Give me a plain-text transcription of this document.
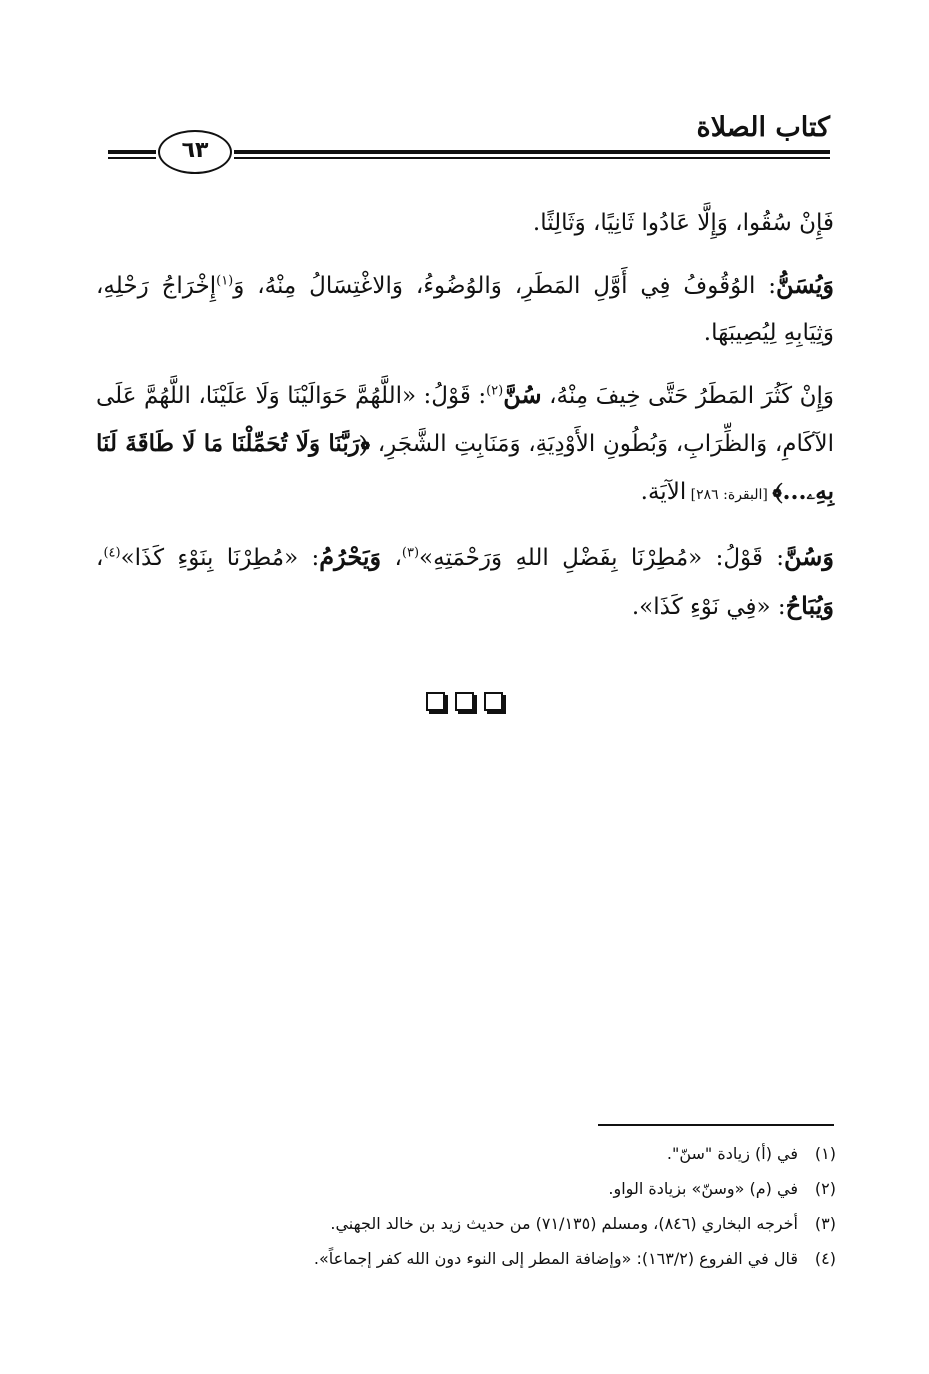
كتاب الصلاة
٦٣

فَإِنْ سُقُوا، وَإِلَّا عَادُوا ثَانِيًا، وَثَالِثًا.

وَيُسَنُّ: الوُقُوفُ فِي أَوَّلِ المَطَرِ، وَالوُضُوءُ، وَالاغْتِسَالُ مِنْهُ، وَ$^{(١)}$إِخْرَاجُ رَحْلِهِ، وَثِيَابِهِ لِيُصِيبَهَا.

وَإِنْ كَثُرَ المَطَرُ حَتَّى خِيفَ مِنْهُ، سُنَّ$^{(٢)}$: قَوْلُ: «اللَّهُمَّ حَوَالَيْنَا وَلَا عَلَيْنَا، اللَّهُمَّ عَلَى الآكَامِ، وَالظِّرَابِ، وَبُطُونِ الأَوْدِيَةِ، وَمَنَابِتِ الشَّجَرِ، ﴿رَبَّنَا وَلَا تُحَمِّلْنَا مَا لَا طَاقَةَ لَنَا بِهِۦ...﴾ [البقرة: ٢٨٦] الآيَة.

وَسُنَّ: قَوْلُ: «مُطِرْنَا بِفَضْلِ اللهِ وَرَحْمَتِهِ»$^{(٣)}$، وَيَحْرُمُ: «مُطِرْنَا بِنَوْءِ كَذَا»$^{(٤)}$، وَيُبَاحُ: «فِي نَوْءِ كَذَا».

(١)في (أ) زيادة "سنّ".
(٢)في (م) «وسنّ» بزيادة الواو.
(٣)أخرجه البخاري (٨٤٦)، ومسلم (٧١/١٣٥) من حديث زيد بن خالد الجهني.
(٤)قال في الفروع (١٦٣/٢): «وإضافة المطر إلى النوء دون الله كفر إجماعاً».
